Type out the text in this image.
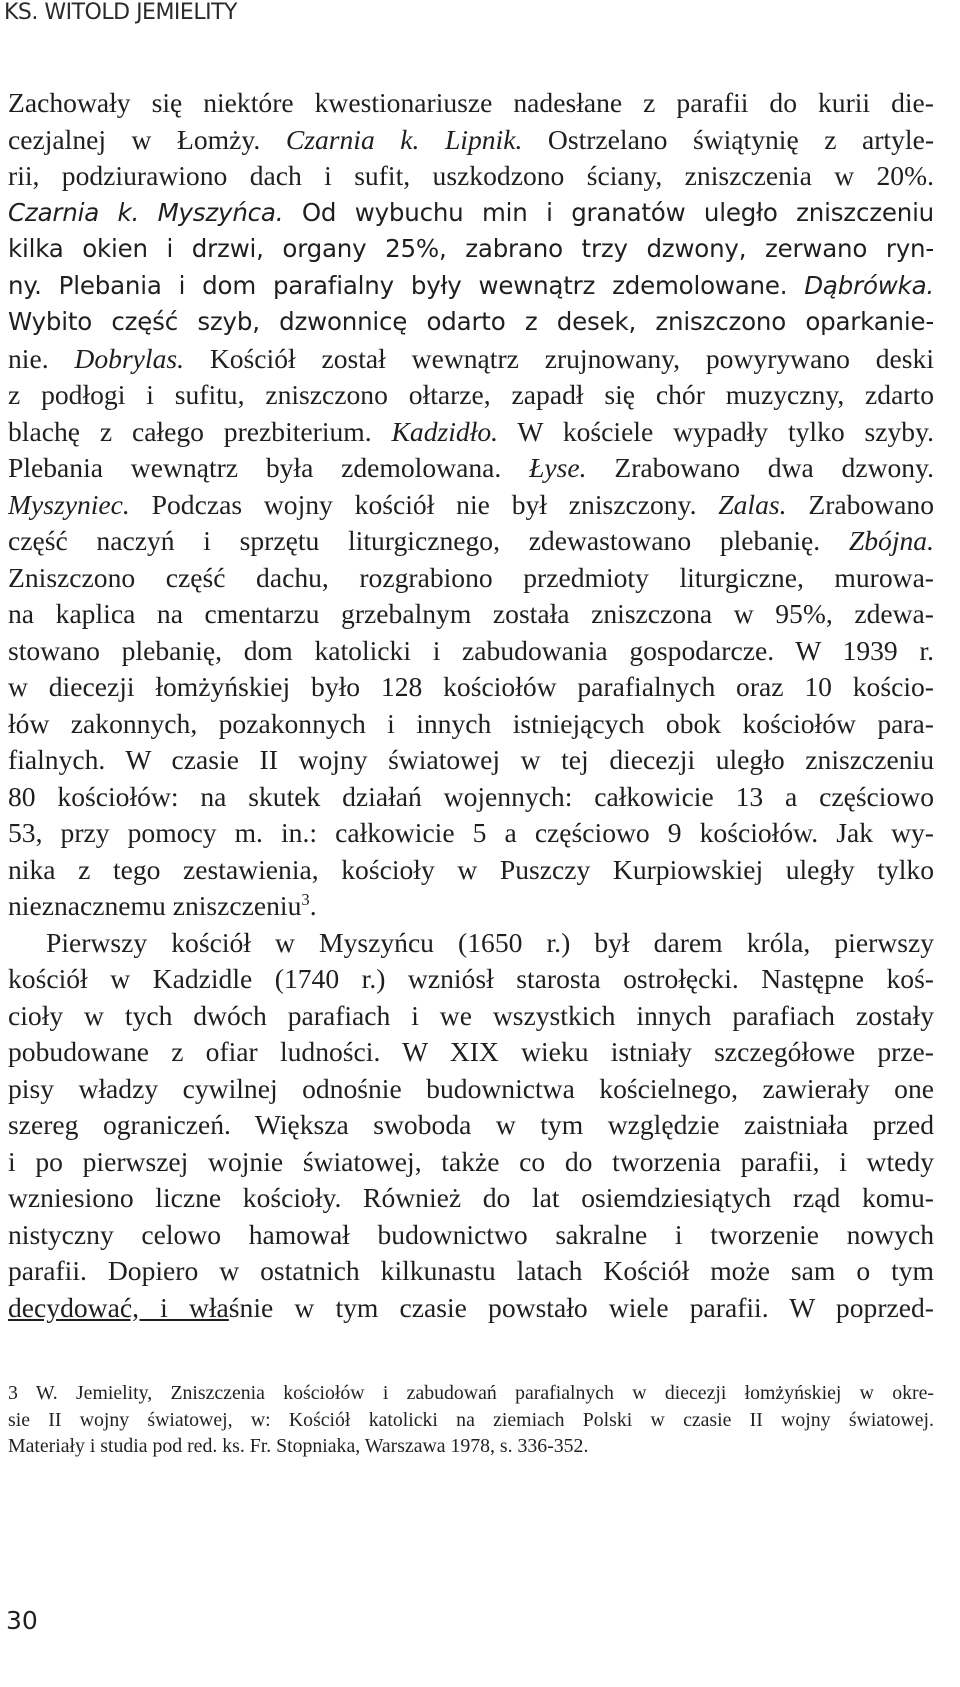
KS. WITOLD JEMIELITY
Zachowały się niektóre kwestionariusze nadesłane z parafii do kurii die-
cezjalnej w Łomży. Czarnia k. Lipnik. Ostrzelano świątynię z artyle-
rii, podziurawiono dach i sufit, uszkodzono ściany, zniszczenia w 20%.
Czarnia k. Myszyńca. Od wybuchu min i granatów uległo zniszczeniu
kilka okien i drzwi, organy 25%, zabrano trzy dzwony, zerwano ryn-
ny. Plebania i dom parafialny były wewnątrz zdemolowane. Dąbrówka.
Wybito część szyb, dzwonnicę odarto z desek, zniszczono oparkanie-
nie. Dobrylas. Kościół został wewnątrz zrujnowany, powyrywano deski
z podłogi i sufitu, zniszczono ołtarze, zapadł się chór muzyczny, zdarto
blachę z całego prezbiterium. Kadzidło. W kościele wypadły tylko szyby.
Plebania wewnątrz była zdemolowana. Łyse. Zrabowano dwa dzwony.
Myszyniec. Podczas wojny kościół nie był zniszczony. Zalas. Zrabowano
część naczyń i sprzętu liturgicznego, zdewastowano plebanię. Zbójna.
Zniszczono część dachu, rozgrabiono przedmioty liturgiczne, murowa-
na kaplica na cmentarzu grzebalnym została zniszczona w 95%, zdewa-
stowano plebanię, dom katolicki i zabudowania gospodarcze. W 1939 r.
w diecezji łomżyńskiej było 128 kościołów parafialnych oraz 10 kościo-
łów zakonnych, pozakonnych i innych istniejących obok kościołów para-
fialnych. W czasie II wojny światowej w tej diecezji uległo zniszczeniu
80 kościołów: na skutek działań wojennych: całkowicie 13 a częściowo
53, przy pomocy m. in.: całkowicie 5 a częściowo 9 kościołów. Jak wy-
nika z tego zestawienia, kościoły w Puszczy Kurpiowskiej uległy tylko
nieznacznemu zniszczeniu$^3$.
Pierwszy kościół w Myszyńcu (1650 r.) był darem króla, pierwszy
kościół w Kadzidle (1740 r.) wzniósł starosta ostrołęcki. Następne koś-
cioły w tych dwóch parafiach i we wszystkich innych parafiach zostały
pobudowane z ofiar ludności. W XIX wieku istniały szczegółowe prze-
pisy władzy cywilnej odnośnie budownictwa kościelnego, zawierały one
szereg ograniczeń. Większa swoboda w tym względzie zaistniała przed
i po pierwszej wojnie światowej, także co do tworzenia parafii, i wtedy
wzniesiono liczne kościoły. Również do lat osiemdziesiątych rząd komu-
nistyczny celowo hamował budownictwo sakralne i tworzenie nowych
parafii. Dopiero w ostatnich kilkunastu latach Kościół może sam o tym
decydować, i właśnie w tym czasie powstało wiele parafii. W poprzed-
3 W. Jemielity, Zniszczenia kościołów i zabudowań parafialnych w diecezji łomżyńskiej w okre-
sie II wojny światowej, w: Kościół katolicki na ziemiach Polski w czasie II wojny światowej.
Materiały i studia pod red. ks. Fr. Stopniaka, Warszawa 1978, s. 336-352.
30
